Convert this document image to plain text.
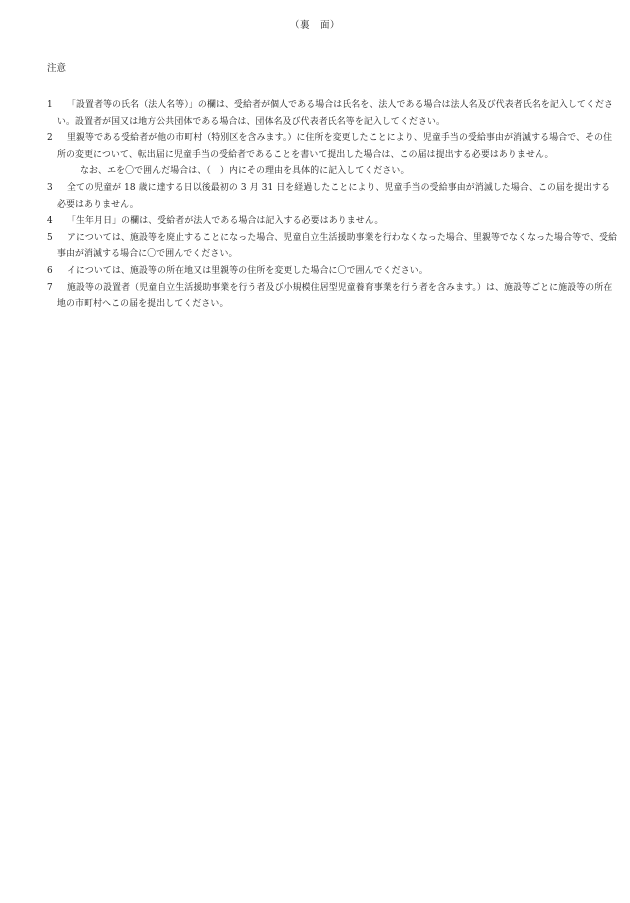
（裏　面）
注意
1	「設置者等の氏名（法人名等）」の欄は、受給者が個人である場合は氏名を、法人である場合は法人名及び代表者氏名を記入してください。設置者が国又は地方公共団体である場合は、団体名及び代表者氏名等を記入してください。
2	里親等である受給者が他の市町村（特別区を含みます。）に住所を変更したことにより、児童手当の受給事由が消滅する場合で、その住所の変更について、転出届に児童手当の受給者であることを書いて提出した場合は、この届は提出する必要はありません。
なお、エを〇で囲んだ場合は、（　）内にその理由を具体的に記入してください。
3	全ての児童が 18 歳に達する日以後最初の 3 月 31 日を経過したことにより、児童手当の受給事由が消滅した場合、この届を提出する必要はありません。
4	「生年月日」の欄は、受給者が法人である場合は記入する必要はありません。
5	アについては、施設等を廃止することになった場合、児童自立生活援助事業を行わなくなった場合、里親等でなくなった場合等で、受給事由が消滅する場合に〇で囲んでください。
6	イについては、施設等の所在地又は里親等の住所を変更した場合に〇で囲んでください。
7	施設等の設置者（児童自立生活援助事業を行う者及び小規模住居型児童養育事業を行う者を含みます。）は、施設等ごとに施設等の所在地の市町村へこの届を提出してください。
